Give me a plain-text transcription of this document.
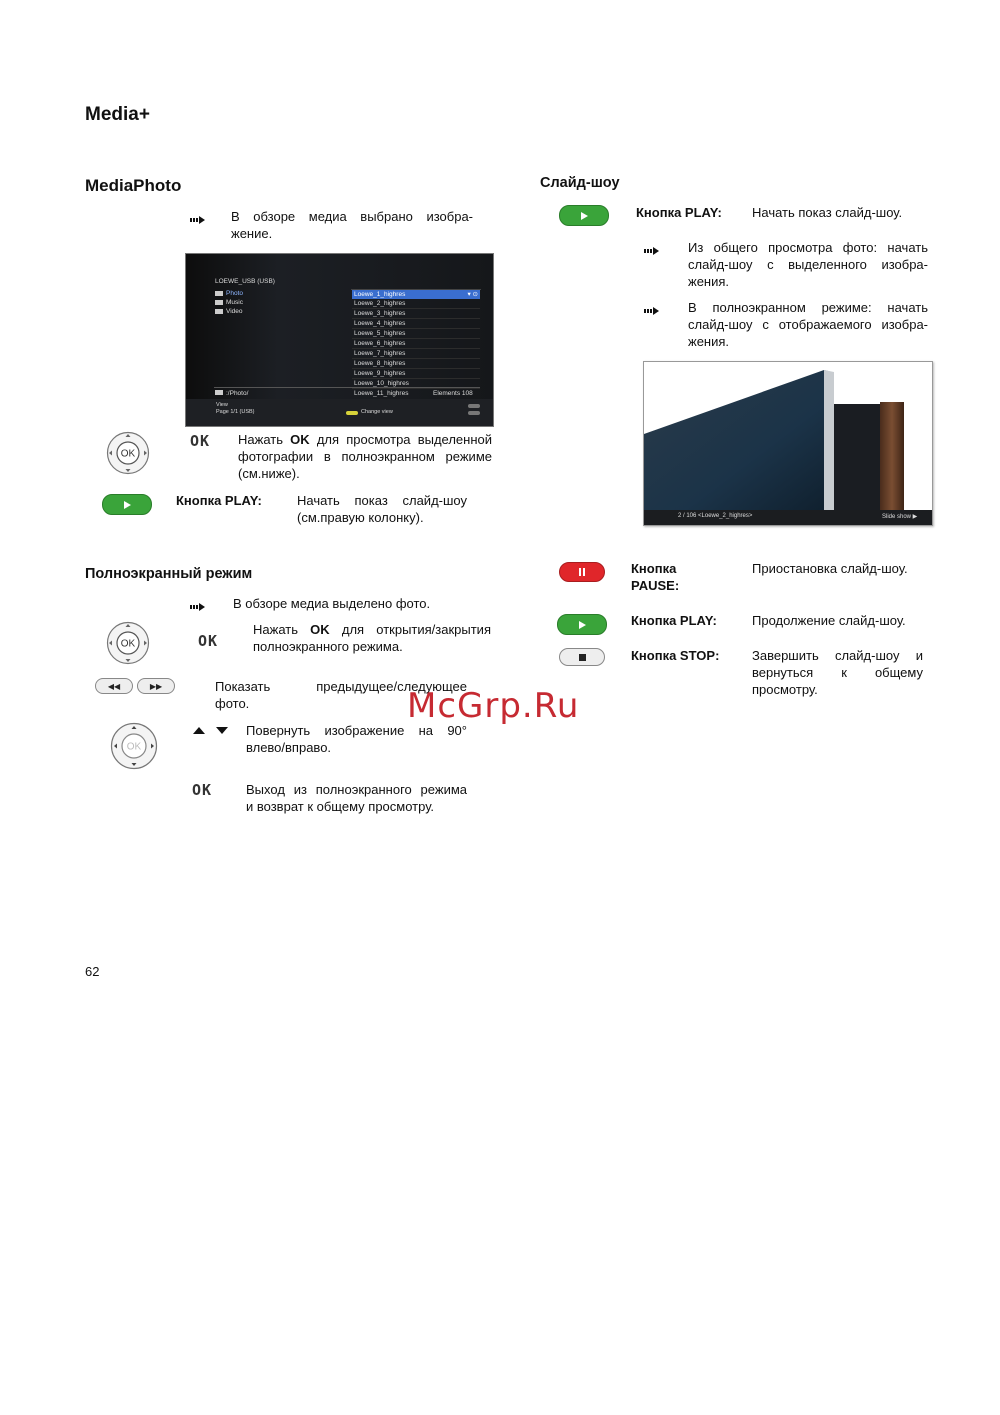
Media+
MediaPhoto
В обзоре медиа выбрано изобра-
жение.
LOEWE_USB (USB)
Photo
Music
Video
Loewe_1_highres	▾ ⊙
Loewe_2_highres
Loewe_3_highres
Loewe_4_highres
Loewe_5_highres
Loewe_6_highres
Loewe_7_highres
Loewe_8_highres
Loewe_9_highres
Loewe_10_highres
Loewe_11_highres
:/Photo/	Elements 108
View
Page 1/1 (USB)	Change view
OK
OK Нажать OK для просмотра выделенной
фотографии в полноэкранном режиме
(см.ниже).
Кнопка PLAY:	Начать показ слайд-шоу
(см.правую колонку).
Полноэкранный режим
В обзоре медиа выделено фото.
OK	OK
Нажать OK для открытия/закрытия
полноэкранного режима.
◀◀	▶▶	Показать предыдущее/следующее
фото.
OK
Повернуть изображение на 90°
влево/вправо.
OK	Выход из полноэкранного режима
и возврат к общему просмотру.
McGrp.Ru
Слайд-шоу
Кнопка PLAY: Начать показ слайд-шоу.
Из общего просмотра фото: начать
слайд-шоу с выделенного изобра-
жения.
В полноэкранном режиме: начать
слайд-шоу с отображаемого изобра-
жения.
2 / 106 <Loewe_2_highres>	Slide show ▶
Кнопка
PAUSE:
Приостановка слайд-шоу.
Кнопка PLAY:	Продолжение слайд-шоу.
Кнопка STOP:	Завершить слайд-шоу и
вернуться к общему
просмотру.
62
